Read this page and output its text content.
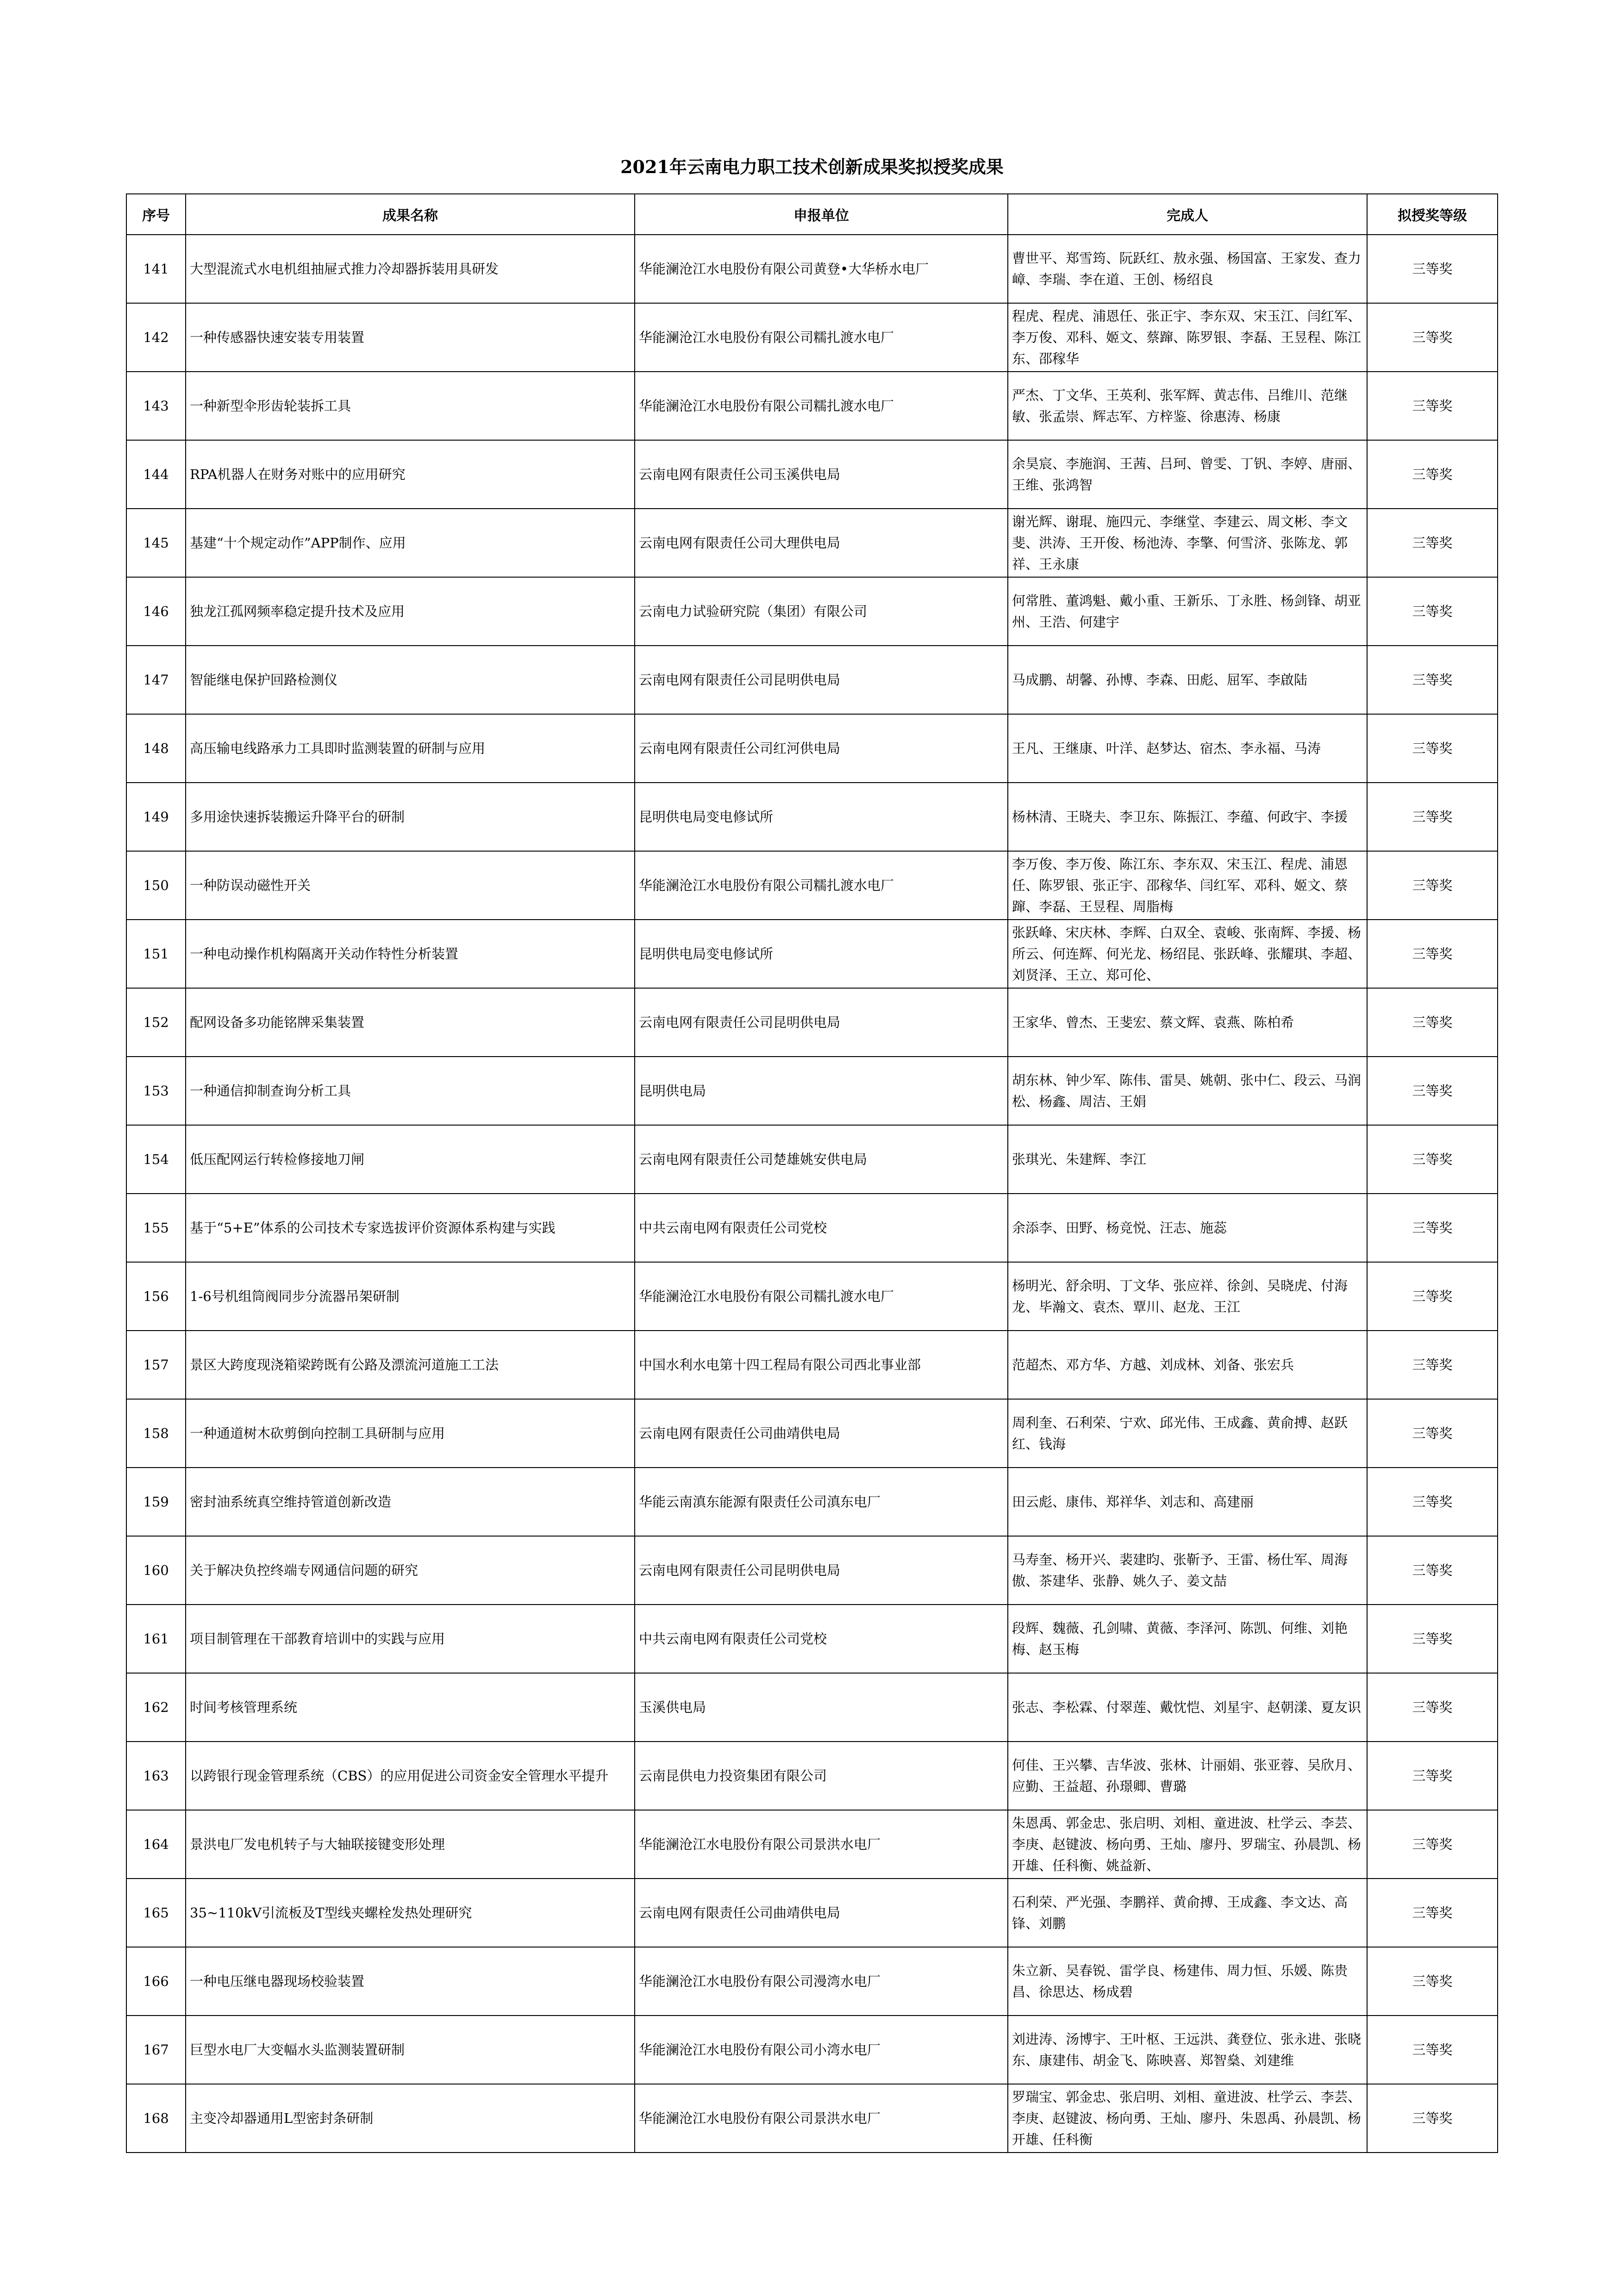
2021年云南电力职工技术创新成果奖拟授奖成果
序号	成果名称	申报单位	完成人	拟授奖等级
141	大型混流式水电机组抽屉式推力冷却器拆装用具研发	华能澜沧江水电股份有限公司黄登•大华桥水电厂	曹世平、郑雪筠、阮跃红、敖永强、杨国富、王家发、查力嶂、李瑞、李在道、王创、杨绍良	三等奖
142	一种传感器快速安装专用装置	华能澜沧江水电股份有限公司糯扎渡水电厂	程虎、程虎、浦恩任、张正宇、李东双、宋玉江、闫红军、李万俊、邓科、姬文、蔡蹿、陈罗银、李磊、王昱程、陈江东、邵稼华	三等奖
143	一种新型伞形齿轮装拆工具	华能澜沧江水电股份有限公司糯扎渡水电厂	严杰、丁文华、王英利、张军辉、黄志伟、吕维川、范继敏、张孟崇、辉志军、方梓鉴、徐惠涛、杨康	三等奖
144	RPA机器人在财务对账中的应用研究	云南电网有限责任公司玉溪供电局	余昊宸、李施润、王茜、吕珂、曾雯、丁钒、李婷、唐丽、王维、张鸿智	三等奖
145	基建“十个规定动作”APP制作、应用	云南电网有限责任公司大理供电局	谢光辉、谢琨、施四元、李继堂、李建云、周文彬、李文斐、洪涛、王开俊、杨池涛、李擎、何雪济、张陈龙、郭祥、王永康	三等奖
146	独龙江孤网频率稳定提升技术及应用	云南电力试验研究院（集团）有限公司	何常胜、董鸿魁、戴小重、王新乐、丁永胜、杨剑锋、胡亚州、王浩、何建宇	三等奖
147	智能继电保护回路检测仪	云南电网有限责任公司昆明供电局	马成鹏、胡馨、孙博、李森、田彪、屈军、李啟陆	三等奖
148	高压输电线路承力工具即时监测装置的研制与应用	云南电网有限责任公司红河供电局	王凡、王继康、叶洋、赵梦达、宿杰、李永福、马涛	三等奖
149	多用途快速拆装搬运升降平台的研制	昆明供电局变电修试所	杨林清、王晓夫、李卫东、陈振江、李蕴、何政宇、李援	三等奖
150	一种防误动磁性开关	华能澜沧江水电股份有限公司糯扎渡水电厂	李万俊、李万俊、陈江东、李东双、宋玉江、程虎、浦恩任、陈罗银、张正宇、邵稼华、闫红军、邓科、姬文、蔡蹿、李磊、王昱程、周脂梅	三等奖
151	一种电动操作机构隔离开关动作特性分析装置	昆明供电局变电修试所	张跃峰、宋庆林、李辉、白双全、袁峻、张南辉、李援、杨所云、何连辉、何光龙、杨绍昆、张跃峰、张耀琪、李超、刘贤泽、王立、郑可伦、	三等奖
152	配网设备多功能铭牌采集装置	云南电网有限责任公司昆明供电局	王家华、曾杰、王斐宏、蔡文辉、袁燕、陈柏希	三等奖
153	一种通信抑制查询分析工具	昆明供电局	胡东林、钟少军、陈伟、雷昊、姚朝、张中仁、段云、马润松、杨鑫、周洁、王娟	三等奖
154	低压配网运行转检修接地刀闸	云南电网有限责任公司楚雄姚安供电局	张琪光、朱建辉、李江	三等奖
155	基于“5+E”体系的公司技术专家选拔评价资源体系构建与实践	中共云南电网有限责任公司党校	余添李、田野、杨竞悦、汪志、施蕊	三等奖
156	1-6号机组筒阀同步分流器吊架研制	华能澜沧江水电股份有限公司糯扎渡水电厂	杨明光、舒余明、丁文华、张应祥、徐剑、吴晓虎、付海龙、毕瀚文、袁杰、覃川、赵龙、王江	三等奖
157	景区大跨度现浇箱梁跨既有公路及漂流河道施工工法	中国水利水电第十四工程局有限公司西北事业部	范超杰、邓方华、方越、刘成林、刘备、张宏兵	三等奖
158	一种通道树木砍剪倒向控制工具研制与应用	云南电网有限责任公司曲靖供电局	周利奎、石利荣、宁欢、邱光伟、王成鑫、黄俞搏、赵跃红、钱海	三等奖
159	密封油系统真空维持管道创新改造	华能云南滇东能源有限责任公司滇东电厂	田云彪、康伟、郑祥华、刘志和、高建丽	三等奖
160	关于解决负控终端专网通信问题的研究	云南电网有限责任公司昆明供电局	马寿奎、杨开兴、裴建昀、张靳予、王雷、杨仕军、周海傲、茶建华、张静、姚久子、姜文喆	三等奖
161	项目制管理在干部教育培训中的实践与应用	中共云南电网有限责任公司党校	段辉、魏薇、孔剑啸、黄薇、李泽河、陈凯、何维、刘艳梅、赵玉梅	三等奖
162	时间考核管理系统	玉溪供电局	张志、李松霖、付翠莲、戴忱恺、刘星宇、赵朝漾、夏友识	三等奖
163	以跨银行现金管理系统（CBS）的应用促进公司资金安全管理水平提升	云南昆供电力投资集团有限公司	何佳、王兴攀、吉华波、张林、计丽娟、张亚蓉、吴欣月、应勤、王益超、孙璟卿、曹璐	三等奖
164	景洪电厂发电机转子与大轴联接键变形处理	华能澜沧江水电股份有限公司景洪水电厂	朱恩禹、郭金忠、张启明、刘相、童进波、杜学云、李芸、李庚、赵键波、杨向勇、王灿、廖丹、罗瑞宝、孙晨凯、杨开雄、任科衡、姚益新、	三等奖
165	35~110kV引流板及T型线夹螺栓发热处理研究	云南电网有限责任公司曲靖供电局	石利荣、严光强、李鹏祥、黄俞搏、王成鑫、李文达、高锋、刘鹏	三等奖
166	一种电压继电器现场校验装置	华能澜沧江水电股份有限公司漫湾水电厂	朱立新、吴春锐、雷学良、杨建伟、周力恒、乐媛、陈贵昌、徐思达、杨成碧	三等奖
167	巨型水电厂大变幅水头监测装置研制	华能澜沧江水电股份有限公司小湾水电厂	刘进涛、汤博宇、王叶枢、王远洪、龚登位、张永进、张晓东、康建伟、胡金飞、陈映喜、郑智燊、刘建维	三等奖
168	主变冷却器通用L型密封条研制	华能澜沧江水电股份有限公司景洪水电厂	罗瑞宝、郭金忠、张启明、刘相、童进波、杜学云、李芸、李庚、赵键波、杨向勇、王灿、廖丹、朱恩禹、孙晨凯、杨开雄、任科衡	三等奖
